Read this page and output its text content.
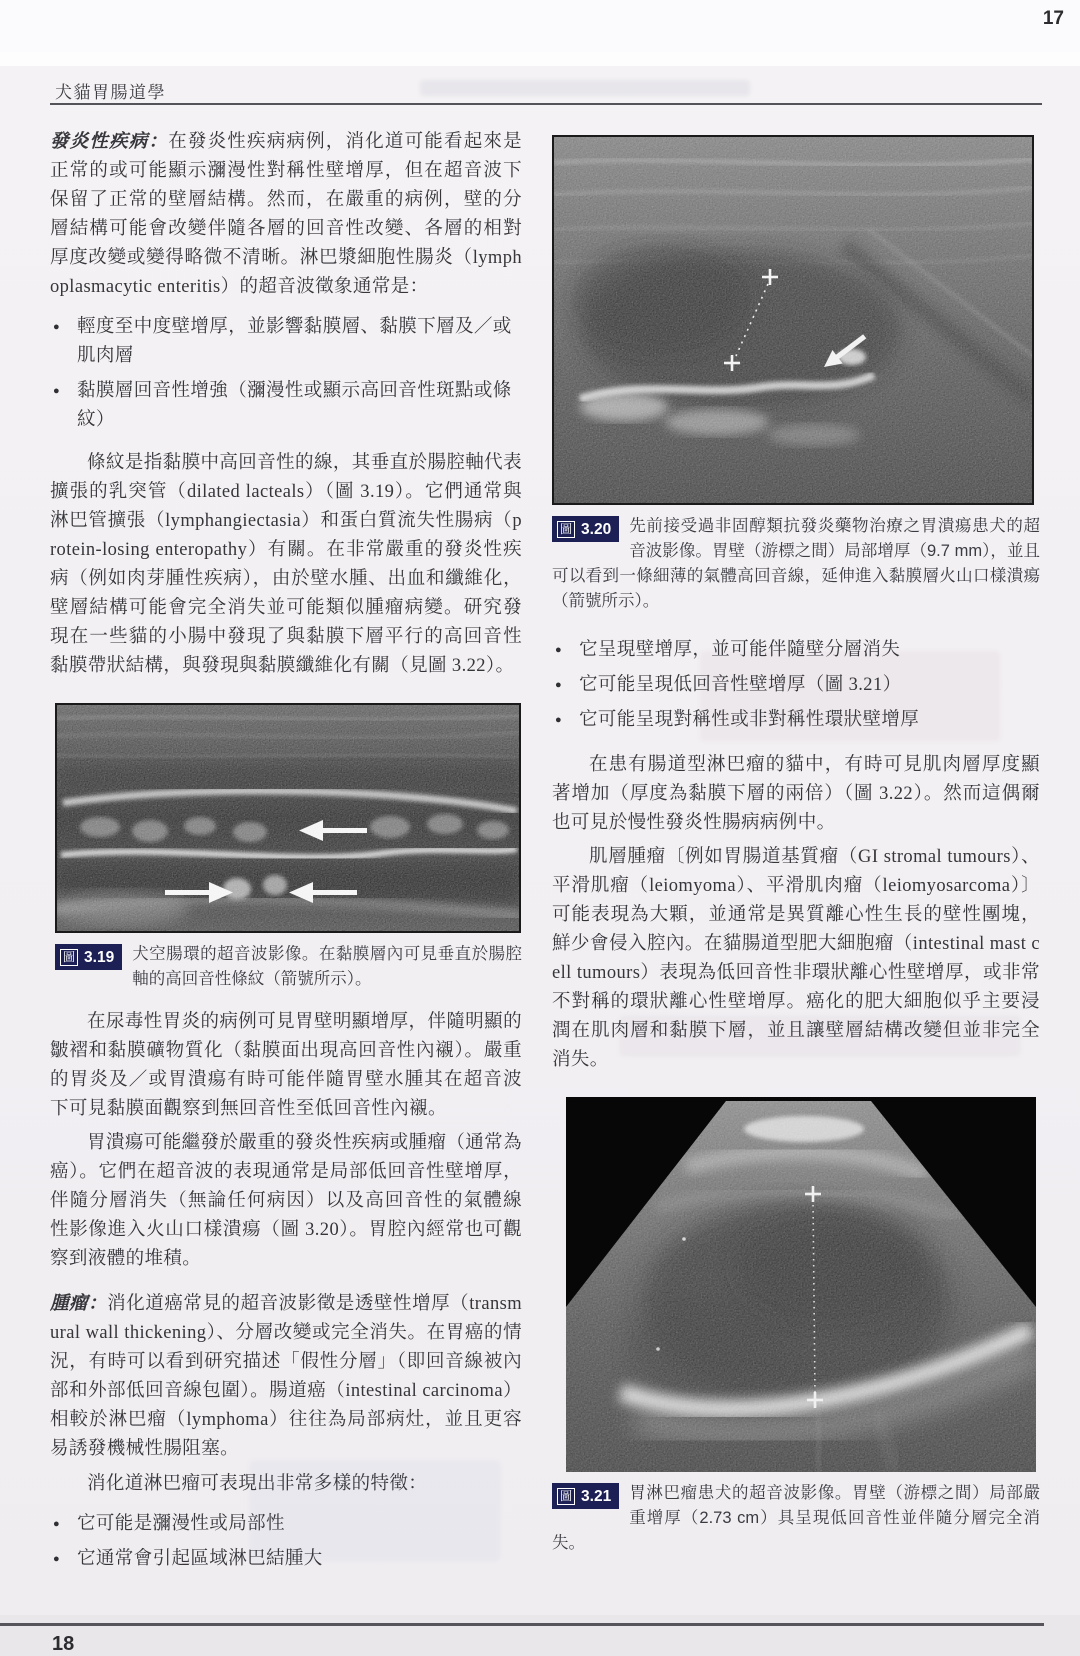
17
犬貓胃腸道學

發炎性疾病：在發炎性疾病病例，消化道可能看起來是正常的或可能顯示瀰漫性對稱性壁增厚，但在超音波下保留了正常的壁層結構。然而，在嚴重的病例，壁的分層結構可能會改變伴隨各層的回音性改變、各層的相對厚度改變或變得略微不清晰。淋巴漿細胞性腸炎（lymphoplasmacytic enteritis）的超音波徵象通常是：

● 輕度至中度壁增厚，並影響黏膜層、黏膜下層及／或肌肉層
● 黏膜層回音性增強（瀰漫性或顯示高回音性斑點或條紋）

條紋是指黏膜中高回音性的線，其垂直於腸腔軸代表擴張的乳突管（dilated lacteals）（圖 3.19）。它們通常與淋巴管擴張（lymphangiectasia）和蛋白質流失性腸病（protein-losing enteropathy）有關。在非常嚴重的發炎性疾病（例如肉芽腫性疾病），由於壁水腫、出血和纖維化，壁層結構可能會完全消失並可能類似腫瘤病變。研究發現在一些貓的小腸中發現了與黏膜下層平行的高回音性黏膜帶狀結構，與發現與黏膜纖維化有關（見圖 3.22）。

圖 3.19 犬空腸環的超音波影像。在黏膜層內可見垂直於腸腔軸的高回音性條紋（箭號所示）。

在尿毒性胃炎的病例可見胃壁明顯增厚，伴隨明顯的皺褶和黏膜礦物質化（黏膜面出現高回音性內襯）。嚴重的胃炎及／或胃潰瘍有時可能伴隨胃壁水腫其在超音波下可見黏膜面觀察到無回音性至低回音性內襯。

胃潰瘍可能繼發於嚴重的發炎性疾病或腫瘤（通常為癌）。它們在超音波的表現通常是局部低回音性壁增厚，伴隨分層消失（無論任何病因）以及高回音性的氣體線性影像進入火山口樣潰瘍（圖 3.20）。胃腔內經常也可觀察到液體的堆積。

腫瘤：消化道癌常見的超音波影徵是透壁性增厚（transmural wall thickening）、分層改變或完全消失。在胃癌的情況，有時可以看到研究描述「假性分層」（即回音線被內部和外部低回音線包圍）。腸道癌（intestinal carcinoma）相較於淋巴瘤（lymphoma）往往為局部病灶，並且更容易誘發機械性腸阻塞。

消化道淋巴瘤可表現出非常多樣的特徵：

● 它可能是瀰漫性或局部性
● 它通常會引起區域淋巴結腫大
圖 3.20 先前接受過非固醇類抗發炎藥物治療之胃潰瘍患犬的超音波影像。胃壁（游標之間）局部增厚（9.7 mm），並且可以看到一條細薄的氣體高回音線，延伸進入黏膜層火山口樣潰瘍（箭號所示）。
● 它呈現壁增厚，並可能伴隨壁分層消失
● 它可能呈現低回音性壁增厚（圖 3.21）
● 它可能呈現對稱性或非對稱性環狀壁增厚

在患有腸道型淋巴瘤的貓中，有時可見肌肉層厚度顯著增加（厚度為黏膜下層的兩倍）（圖 3.22）。然而這偶爾也可見於慢性發炎性腸病病例中。

肌層腫瘤〔例如胃腸道基質瘤（GI stromal tumours）、平滑肌瘤（leiomyoma）、平滑肌肉瘤（leiomyosarcoma）〕可能表現為大顆，並通常是異質離心性生長的壁性團塊，鮮少會侵入腔內。在貓腸道型肥大細胞瘤（intestinal mast cell tumours）表現為低回音性非環狀離心性壁增厚，或非常不對稱的環狀離心性壁增厚。癌化的肥大細胞似乎主要浸潤在肌肉層和黏膜下層，並且讓壁層結構改變但並非完全消失。

圖 3.21 胃淋巴瘤患犬的超音波影像。胃壁（游標之間）局部嚴重增厚（2.73 cm）具呈現低回音性並伴隨分層完全消失。
18
